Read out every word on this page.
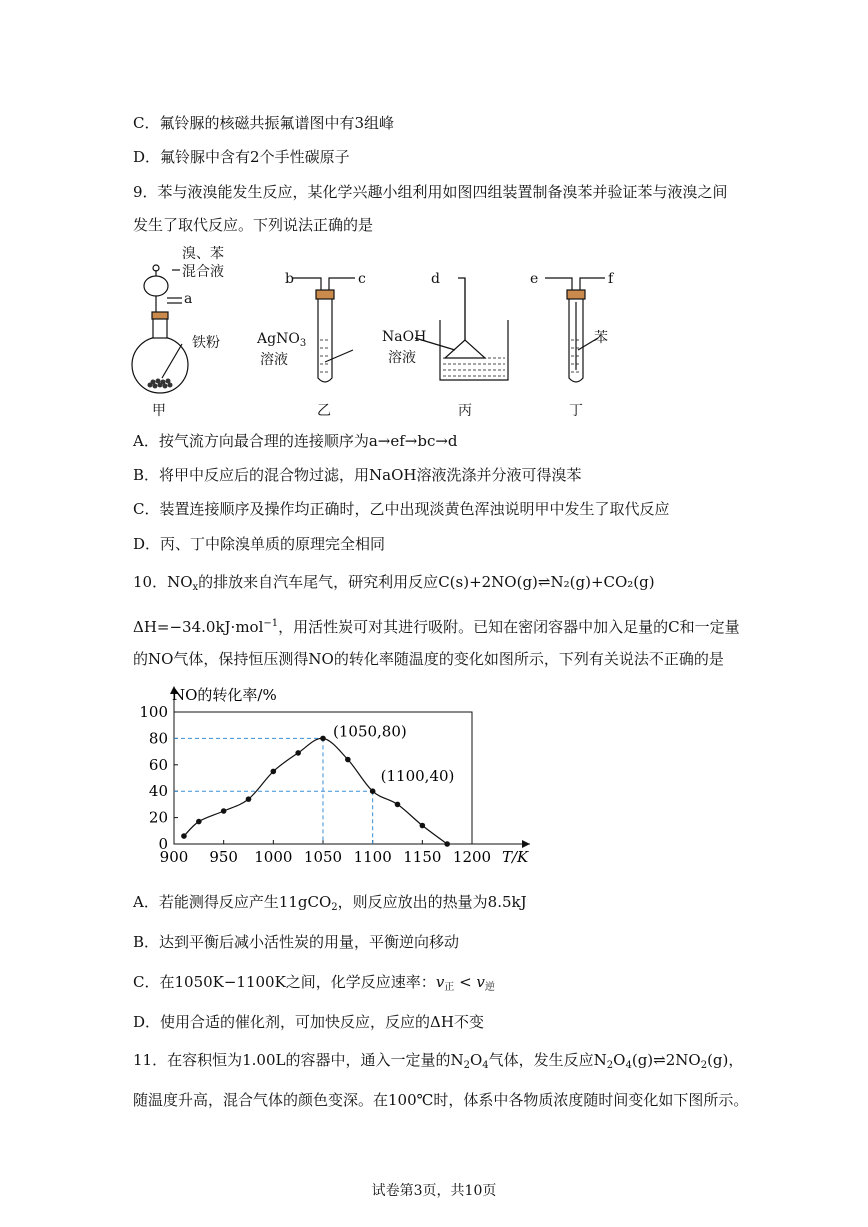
C．氟铃脲的核磁共振氟谱图中有3组峰
D．氟铃脲中含有2个手性碳原子
9．苯与液溴能发生反应，某化学兴趣小组利用如图四组装置制备溴苯并验证苯与液溴之间
发生了取代反应。下列说法正确的是
溴、苯
混合液
a
铁粉
甲
b	c
AgNO$_3$
溶液
乙
d
NaOH
溶液
丙
e	f
苯
丁
A．按气流方向最合理的连接顺序为a→ef→bc→d
B．将甲中反应后的混合物过滤，用NaOH溶液洗涤并分液可得溴苯
C．装置连接顺序及操作均正确时，乙中出现淡黄色浑浊说明甲中发生了取代反应
D．丙、丁中除溴单质的原理完全相同
10．$NO_x$的排放来自汽车尾气，研究利用反应C(s)+2NO(g)⇌N₂(g)+CO₂(g)
ΔH=−34.0kJ·mol$^{-1}$，用活性炭可对其进行吸附。已知在密闭容器中加入足量的C和一定量
的NO气体，保持恒压测得NO的转化率随温度的变化如图所示，下列有关说法不正确的是
0
20
40
60
80
100
900 950 1000 1050 1100 1150 1200
NO的转化率/%
T/K
(1050,80)
(1100,40)
A．若能测得反应产生11gCO$_2$，则反应放出的热量为8.5kJ
B．达到平衡后减小活性炭的用量，平衡逆向移动
C．在1050K−1100K之间，化学反应速率：$v_正 < v_逆$
D．使用合适的催化剂，可加快反应，反应的ΔH不变
11．在容积恒为1.00L的容器中，通入一定量的$N_2O_4$气体，发生反应$N_2O_4(g)\rightleftharpoons 2NO_2(g)$，
随温度升高，混合气体的颜色变深。在100℃时，体系中各物质浓度随时间变化如下图所示。
试卷第3页，共10页
